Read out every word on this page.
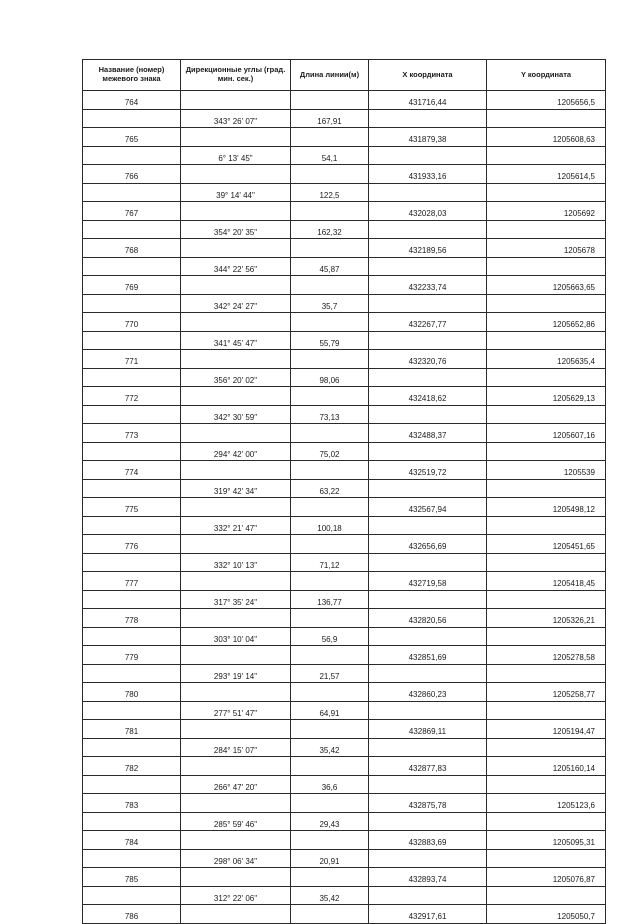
Название (номер) межевого знака	Дирекционные углы (град. мин. сек.)	Длина линии(м)	X координата	Y координата
764			431716,44	1205656,5
	343° 26' 07"	167,91		
765			431879,38	1205608,63
	6° 13' 45"	54,1		
766			431933,16	1205614,5
	39° 14' 44"	122,5		
767			432028,03	1205692
	354° 20' 35"	162,32		
768			432189,56	1205678
	344° 22' 56"	45,87		
769			432233,74	1205663,65
	342° 24' 27"	35,7		
770			432267,77	1205652,86
	341° 45' 47"	55,79		
771			432320,76	1205635,4
	356° 20' 02"	98,06		
772			432418,62	1205629,13
	342° 30' 59"	73,13		
773			432488,37	1205607,16
	294° 42' 00"	75,02		
774			432519,72	1205539
	319° 42' 34"	63,22		
775			432567,94	1205498,12
	332° 21' 47"	100,18		
776			432656,69	1205451,65
	332° 10' 13"	71,12		
777			432719,58	1205418,45
	317° 35' 24"	136,77		
778			432820,56	1205326,21
	303° 10' 04"	56,9		
779			432851,69	1205278,58
	293° 19' 14"	21,57		
780			432860,23	1205258,77
	277° 51' 47"	64,91		
781			432869,11	1205194,47
	284° 15' 07"	35,42		
782			432877,83	1205160,14
	266° 47' 20"	36,6		
783			432875,78	1205123,6
	285° 59' 46"	29,43		
784			432883,69	1205095,31
	298° 06' 34"	20,91		
785			432893,74	1205076,87
	312° 22' 06"	35,42		
786			432917,61	1205050,7
